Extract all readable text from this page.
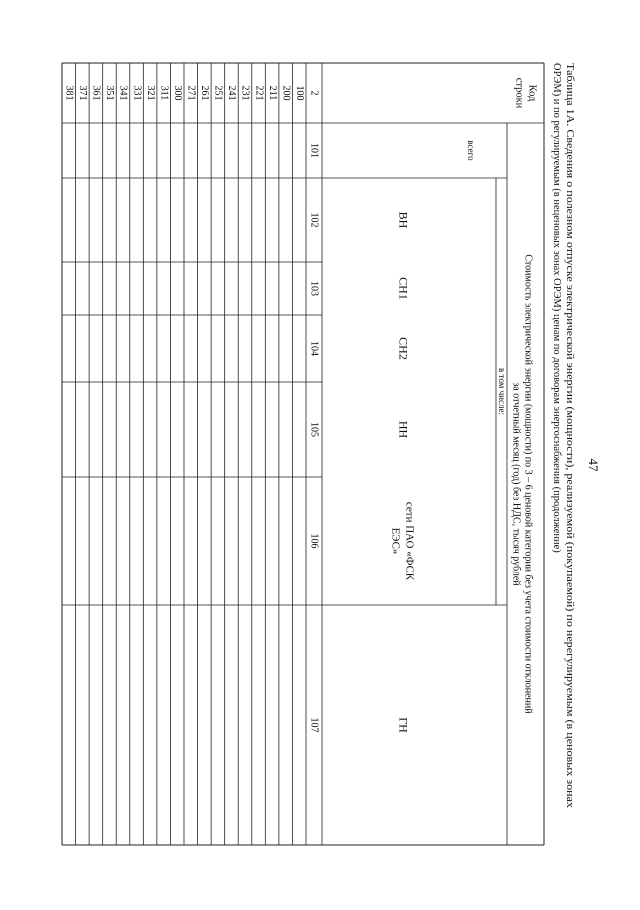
47
Таблица 1А. Сведения о полезном отпуске электрической энергии (мощности), реализуемой (покупаемой) по нерегулируемым (в ценовых зонах
ОРЭМ) и по регулируемым (в неценовых зонах ОРЭМ) ценам по договорам энергоснабжения (продолжение)
Код
строки
Стоимость электрической энергии (мощности) по 3 – 6 ценовой категории без учета стоимости отклонений
за отчетный месяц (год) без НДС, тысяч рублей
всего
в том числе:
ВН
102
СН1
103
СН2
104
НН
105
сети ПАО «ФСК
ЕЭС»
106
ГН
107
2
101
100
200
211
221
231
241
251
261
271
300
311
321
331
341
351
361
371
381
